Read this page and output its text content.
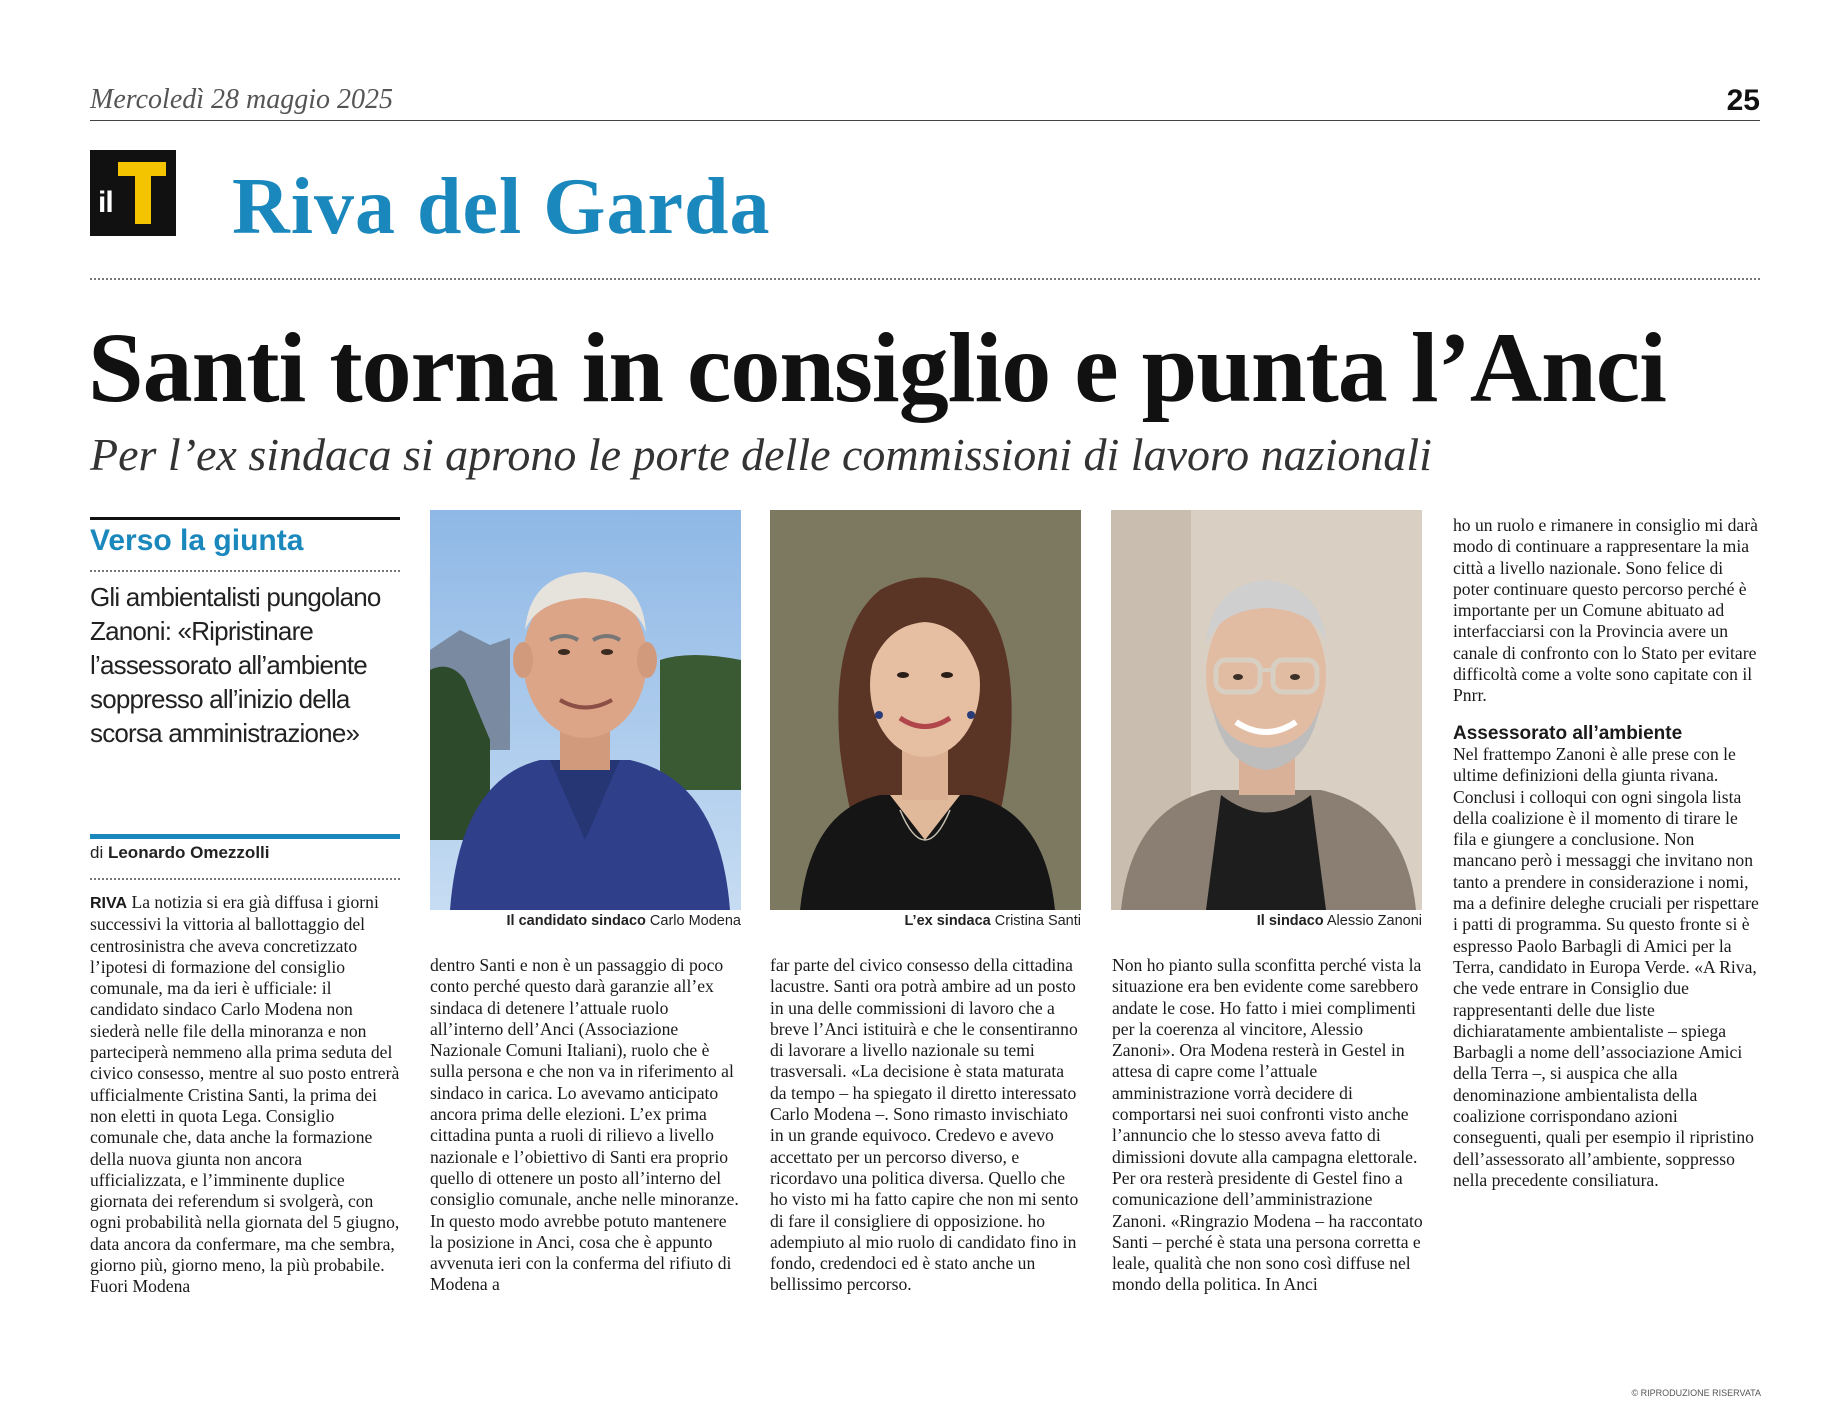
Mercoledì 28 maggio 2025	25
il Riva del Garda
Santi torna in consiglio e punta l’Anci
Per l’ex sindaca si aprono le porte delle commissioni di lavoro nazionali
Verso la giunta
Gli ambientalisti pungolano Zanoni: «Ripristinare l’assessorato all’ambiente soppresso all’inizio della scorsa amministrazione»
di Leonardo Omezzolli

RIVA La notizia si era già diffusa i giorni successivi la vittoria al ballottaggio del centrosinistra che aveva concretizzato l’ipotesi di formazione del consiglio comunale, ma da ieri è ufficiale: il candidato sindaco Carlo Modena non siederà nelle file della minoranza e non parteciperà nemmeno alla prima seduta del civico consesso, mentre al suo posto entrerà ufficialmente Cristina Santi, la prima dei non eletti in quota Lega. Consiglio comunale che, data anche la formazione della nuova giunta non ancora ufficializzata, e l’imminente duplice giornata dei referendum si svolgerà, con ogni probabilità nella giornata del 5 giugno, data ancora da confermare, ma che sembra, giorno più, giorno meno, la più probabile. Fuori Modena

dentro Santi e non è un passaggio di poco conto perché questo darà garanzie all’ex sindaca di detenere l’attuale ruolo all’interno dell’Anci (Associazione Nazionale Comuni Italiani), ruolo che è sulla persona e che non va in riferimento al sindaco in carica. Lo avevamo anticipato ancora prima delle elezioni. L’ex prima cittadina punta a ruoli di rilievo a livello nazionale e l’obiettivo di Santi era proprio quello di ottenere un posto all’interno del consiglio comunale, anche nelle minoranze. In questo modo avrebbe potuto mantenere la posizione in Anci, cosa che è appunto avvenuta ieri con la conferma del rifiuto di Modena a

far parte del civico consesso della cittadina lacustre. Santi ora potrà ambire ad un posto in una delle commissioni di lavoro che a breve l’Anci istituirà e che le consentiranno di lavorare a livello nazionale su temi trasversali. «La decisione è stata maturata da tempo – ha spiegato il diretto interessato Carlo Modena –. Sono rimasto invischiato in un grande equivoco. Credevo e avevo accettato per un percorso diverso, e ricordavo una politica diversa. Quello che ho visto mi ha fatto capire che non mi sento di fare il consigliere di opposizione. ho adempiuto al mio ruolo di candidato fino in fondo, credendoci ed è stato anche un bellissimo percorso.

Non ho pianto sulla sconfitta perché vista la situazione era ben evidente come sarebbero andate le cose. Ho fatto i miei complimenti per la coerenza al vincitore, Alessio Zanoni». Ora Modena resterà in Gestel in attesa di capre come l’attuale amministrazione vorrà decidere di comportarsi nei suoi confronti visto anche l’annuncio che lo stesso aveva fatto di dimissioni dovute alla campagna elettorale. Per ora resterà presidente di Gestel fino a comunicazione dell’amministrazione Zanoni. «Ringrazio Modena – ha raccontato Santi – perché è stata una persona corretta e leale, qualità che non sono così diffuse nel mondo della politica. In Anci

ho un ruolo e rimanere in consiglio mi darà modo di continuare a rappresentare la mia città a livello nazionale. Sono felice di poter continuare questo percorso perché è importante per un Comune abituato ad interfacciarsi con la Provincia avere un canale di confronto con lo Stato per evitare difficoltà come a volte sono capitate con il Pnrr.

Assessorato all’ambiente

Nel frattempo Zanoni è alle prese con le ultime definizioni della giunta rivana. Conclusi i colloqui con ogni singola lista della coalizione è il momento di tirare le fila e giungere a conclusione. Non mancano però i messaggi che invitano non tanto a prendere in considerazione i nomi, ma a definire deleghe cruciali per rispettare i patti di programma. Su questo fronte si è espresso Paolo Barbagli di Amici per la Terra, candidato in Europa Verde. «A Riva, che vede entrare in Consiglio due rappresentanti delle due liste dichiaratamente ambientaliste – spiega Barbagli a nome dell’associazione Amici della Terra –, si auspica che alla denominazione ambientalista della coalizione corrispondano azioni conseguenti, quali per esempio il ripristino dell’assessorato all’ambiente, soppresso nella precedente consiliatura.

Il candidato sindaco Carlo Modena	L’ex sindaca Cristina Santi	Il sindaco Alessio Zanoni
© RIPRODUZIONE RISERVATA
